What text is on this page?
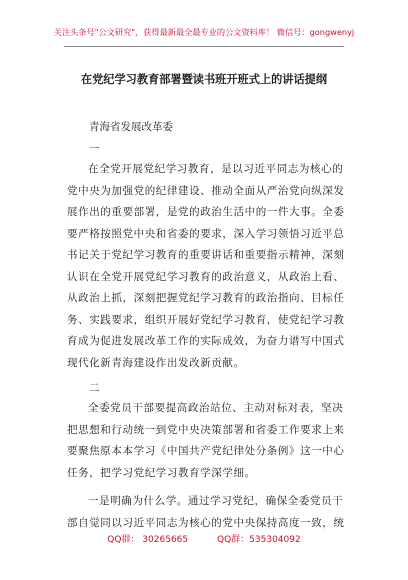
关注头条号"公文研究"，获得最新最全最专业的公文资料库！ 微信号：gongwenyj
在党纪学习教育部署暨读书班开班式上的讲话提纲
青海省发展改革委
一

在全党开展党纪学习教育，是以习近平同志为核心的

党中央为加强党的纪律建设、推动全面从严治党向纵深发

展作出的重要部署，是党的政治生活中的一件大事。全委

要严格按照党中央和省委的要求，深入学习领悟习近平总

书记关于党纪学习教育的重要讲话和重要指示精神，深刻

认识在全党开展党纪学习教育的政治意义，从政治上看、

从政治上抓，深刻把握党纪学习教育的政治指向、目标任

务、实践要求，组织开展好党纪学习教育，使党纪学习教

育成为促进发展改革工作的实际成效，为奋力谱写中国式

现代化新青海建设作出发改新贡献。

二

全委党员干部要提高政治站位、主动对标对表，坚决

把思想和行动统一到党中央决策部署和省委工作要求上来

要聚焦原本本学习《中国共产党纪律处分条例》这一中心

任务，把学习党纪学习教育学深学细。

一是明确为什么学。通过学习党纪，确保全委党员干

部自觉同以习近平同志为核心的党中央保持高度一致，统

QQ群： 30265665	QQ群：535304092
